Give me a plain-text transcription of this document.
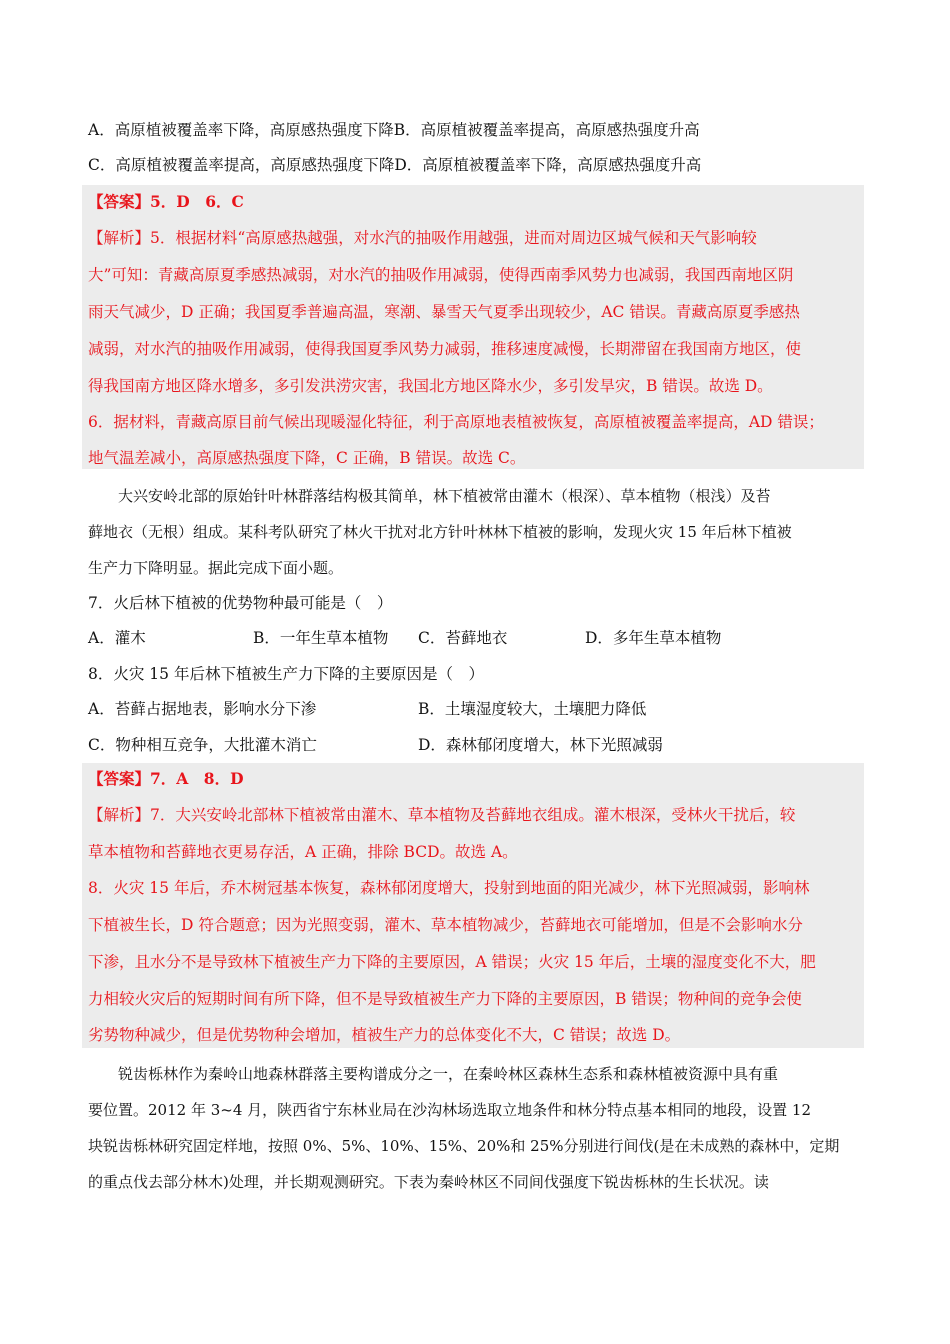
A．高原植被覆盖率下降，高原感热强度下降B．高原植被覆盖率提高，高原感热强度升高
C．高原植被覆盖率提高，高原感热强度下降D．高原植被覆盖率下降，高原感热强度升高
【答案】5．D　6．C
【解析】5．根据材料“高原感热越强，对水汽的抽吸作用越强，进而对周边区城气候和天气影响较
大”可知：青藏高原夏季感热减弱，对水汽的抽吸作用减弱，使得西南季风势力也减弱，我国西南地区阴
雨天气减少，D 正确；我国夏季普遍高温，寒潮、暴雪天气夏季出现较少，AC 错误。青藏高原夏季感热
减弱，对水汽的抽吸作用减弱，使得我国夏季风势力减弱，推移速度减慢，长期滞留在我国南方地区，使
得我国南方地区降水增多，多引发洪涝灾害，我国北方地区降水少，多引发旱灾，B 错误。故选 D。
6．据材料，青藏高原目前气候出现暖湿化特征，利于高原地表植被恢复，高原植被覆盖率提高，AD 错误；
地气温差减小，高原感热强度下降，C 正确，B 错误。故选 C。
大兴安岭北部的原始针叶林群落结构极其简单，林下植被常由灌木（根深）、草本植物（根浅）及苔
藓地衣（无根）组成。某科考队研究了林火干扰对北方针叶林林下植被的影响，发现火灾 15 年后林下植被
生产力下降明显。据此完成下面小题。
7．火后林下植被的优势物种最可能是（　）
A．灌木	B．一年生草本植物 C．苔藓地衣	D．多年生草本植物
8．火灾 15 年后林下植被生产力下降的主要原因是（　）
A．苔藓占据地表，影响水分下渗	B．土壤湿度较大，土壤肥力降低
C．物种相互竞争，大批灌木消亡	D．森林郁闭度增大，林下光照减弱
【答案】7．A　8．D
【解析】7．大兴安岭北部林下植被常由灌木、草本植物及苔藓地衣组成。灌木根深，受林火干扰后，较
草本植物和苔藓地衣更易存活，A 正确，排除 BCD。故选 A。
8．火灾 15 年后，乔木树冠基本恢复，森林郁闭度增大，投射到地面的阳光减少，林下光照减弱，影响林
下植被生长，D 符合题意；因为光照变弱，灌木、草本植物减少，苔藓地衣可能增加，但是不会影响水分
下渗，且水分不是导致林下植被生产力下降的主要原因，A 错误；火灾 15 年后，土壤的湿度变化不大，肥
力相较火灾后的短期时间有所下降，但不是导致植被生产力下降的主要原因，B 错误；物种间的竞争会使
劣势物种减少，但是优势物种会增加，植被生产力的总体变化不大，C 错误；故选 D。
锐齿栎林作为秦岭山地森林群落主要构谱成分之一，在秦岭林区森林生态系和森林植被资源中具有重
要位置。2012 年 3~4 月，陕西省宁东林业局在沙沟林场选取立地条件和林分特点基本相同的地段，设置 12
块锐齿栎林研究固定样地，按照 0%、5%、10%、15%、20%和 25%分别进行间伐(是在未成熟的森林中，定期
的重点伐去部分林木)处理，并长期观测研究。下表为秦岭林区不同间伐强度下锐齿栎林的生长状况。读
